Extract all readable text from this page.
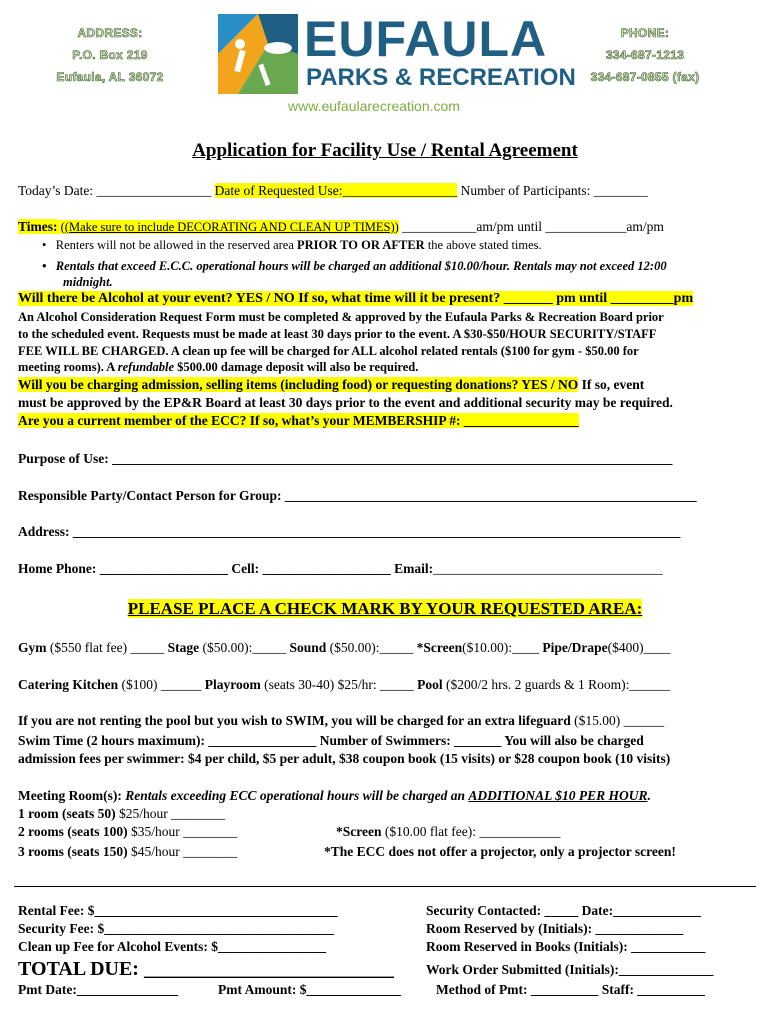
ADDRESS:
P.O. Box 219
Eufaula, AL 36072
PHONE:
334-687-1213
334-687-0855 (fax)
EUFAULA
PARKS & RECREATION
www.eufaularecreation.com
Application for Facility Use / Rental Agreement
Today’s Date: _________________ Date of Requested Use:_________________ Number of Participants: ________
Times: ((Make sure to include DECORATING AND CLEAN UP TIMES)) ___________am/pm until ____________am/pm
•   Renters will not be allowed in the reserved area PRIOR TO OR AFTER the above stated times.
•   Rentals that exceed E.C.C. operational hours will be charged an additional $10.00/hour. Rentals may not exceed 12:00
midnight.
Will there be Alcohol at your event? YES / NO If so, what time will it be present? _______ pm until _________pm
An Alcohol Consideration Request Form must be completed & approved by the Eufaula Parks & Recreation Board prior
to the scheduled event. Requests must be made at least 30 days prior to the event. A $30-$50/HOUR SECURITY/STAFF
FEE WILL BE CHARGED. A clean up fee will be charged for ALL alcohol related rentals ($100 for gym - $50.00 for
meeting rooms). A refundable $500.00 damage deposit will also be required.
Will you be charging admission, selling items (including food) or requesting donations? YES / NO If so, event
must be approved by the EP&R Board at least 30 days prior to the event and additional security may be required.
Are you a current member of the ECC? If so, what’s your MEMBERSHIP #: _________________
Purpose of Use: ___________________________________________________________________________________
Responsible Party/Contact Person for Group: _____________________________________________________________
Address: __________________________________________________________________________________________
Home Phone: ___________________ Cell: ___________________ Email:__________________________________
PLEASE PLACE A CHECK MARK BY YOUR REQUESTED AREA:
Gym ($550 flat fee) _____ Stage ($50.00):_____ Sound ($50.00):_____ *Screen($10.00):____ Pipe/Drape($400)____
Catering Kitchen ($100) ______ Playroom (seats 30-40) $25/hr: _____ Pool ($200/2 hrs. 2 guards & 1 Room):______
If you are not renting the pool but you wish to SWIM, you will be charged for an extra lifeguard ($15.00) ______
Swim Time (2 hours maximum): ________________ Number of Swimmers: _______ You will also be charged
admission fees per swimmer: $4 per child, $5 per adult, $38 coupon book (15 visits) or $28 coupon book (10 visits)
Meeting Room(s): Rentals exceeding ECC operational hours will be charged an ADDITIONAL $10 PER HOUR.
1 room (seats 50) $25/hour ________
2 rooms (seats 100) $35/hour ________
3 rooms (seats 150) $45/hour ________
*Screen ($10.00 flat fee): ____________
*The ECC does not offer a projector, only a projector screen!
Rental Fee: $____________________________________
Security Fee: $__________________________________
Clean up Fee for Alcohol Events: $________________
TOTAL DUE: _________________________
Pmt Date:_______________	Pmt Amount: $______________
Security Contacted: _____ Date:_____________
Room Reserved by (Initials): _____________
Room Reserved in Books (Initials): ___________
Work Order Submitted (Initials):______________
Method of Pmt: __________ Staff: __________
